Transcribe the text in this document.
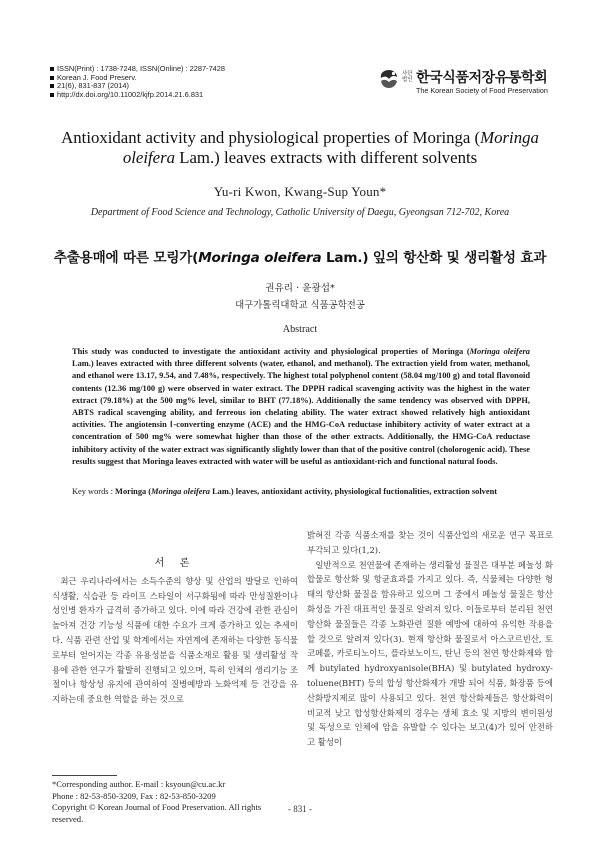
ISSN(Print) : 1738-7248, ISSN(Online) : 2287-7428
Korean J. Food Preserv.
21(6), 831-837 (2014)
http://dx.doi.org/10.11002/kjfp.2014.21.6.831
사단 법인 한국식품저장유통학회
The Korean Society of Food Preservation
Antioxidant activity and physiological properties of Moringa (Moringa oleifera Lam.) leaves extracts with different solvents
Yu-ri Kwon, Kwang-Sup Youn*
Department of Food Science and Technology, Catholic University of Daegu, Gyeongsan 712-702, Korea
추출용매에 따른 모링가(Moringa oleifera Lam.) 잎의 항산화 및 생리활성 효과
권유리 · 윤광섭*
대구가톨릭대학교 식품공학전공
Abstract
This study was conducted to investigate the antioxidant activity and physiological properties of Moringa (Moringa oleifera Lam.) leaves extracted with three different solvents (water, ethanol, and methanol). The extraction yield from water, methanol, and ethanol were 13.17, 9.54, and 7.48%, respectively. The highest total polyphenol content (58.04 mg/100 g) and total flavonoid contents (12.36 mg/100 g) were observed in water extract. The DPPH radical scavenging activity was the highest in the water extract (79.18%) at the 500 mg% level, similar to BHT (77.18%). Additionally the same tendency was observed with DPPH, ABTS radical scavenging ability, and ferreous ion chelating ability. The water extract showed relatively high antioxidant activities. The angiotensin Ⅰ-converting enzyme (ACE) and the HMG-CoA reductase inhibitory activity of water extract at a concentration of 500 mg% were somewhat higher than those of the other extracts. Additionally, the HMG-CoA reductase inhibitory activity of the water extract was significantly slightly lower than that of the positive control (cholorogenic acid). These results suggest that Moringa leaves extracted with water will be useful as antioxidant-rich and functional natural foods.
Key words : Moringa (Moringa oleifera Lam.) leaves, antioxidant activity, physiological fuctionalities, extraction solvent
서 론

 최근 우리나라에서는 소득수준의 향상 및 산업의 발달로 인하여 식생활, 식습관 등 라이프 스타일이 서구화됨에 따라 만성질환이나 성인병 환자가 급격히 증가하고 있다. 이에 따라 건강에 관한 관심이 높아져 건강 기능성 식품에 대한 수요가 크게 증가하고 있는 추세이다. 식품 관련 산업 및 학계에서는 자연계에 존재하는 다양한 동식물로부터 얻어지는 각종 유용성분을 식품소재로 활용 및 생리활성 작용에 관한 연구가 활발히 진행되고 있으며, 특히 인체의 생리기능 조절이나 항상성 유지에 관여하여 질병예방과 노화억제 등 건강을 유지하는데 중요한 역할을 하는 것으로

밝혀진 각종 식품소재를 찾는 것이 식품산업의 새로운 연구 목표로 부각되고 있다(1,2).

 일반적으로 천연물에 존재하는 생리활성 물질은 대부분 페놀성 화합물로 항산화 및 항균효과를 가지고 있다. 즉, 식물체는 다양한 형태의 항산화 물질을 함유하고 있으며 그 중에서 페놀성 물질은 항산화성을 가진 대표적인 물질로 알려져 있다. 이들로부터 분리된 천연 항산화 물질들은 각종 노화관련 질환 예방에 대하여 유익한 작용을 할 것으로 알려져 있다(3). 현재 항산화 물질로서 아스코르빈산, 토코페롤, 카로티노이드, 플라보노이드, 탄닌 등의 천연 항산화제와 함께 butylated hydroxyanisole(BHA) 및 butylated hydroxy-toluene(BHT) 등의 합성 항산화제가 개발 되어 식품, 화장품 등에 산화방지제로 많이 사용되고 있다. 천연 항산화제들은 항산화력이 비교적 낮고 합성항산화제의 경우는 생체 효소 및 지방의 변이원성 및 독성으로 인체에 암을 유발할 수 있다는 보고(4)가 있어 안전하고 활성이

*Corresponding author. E-mail : ksyoun@cu.ac.kr
Phone : 82-53-850-3209, Fax : 82-53-850-3209
Copyright © Korean Journal of Food Preservation. All rights
reserved.
- 831 -
